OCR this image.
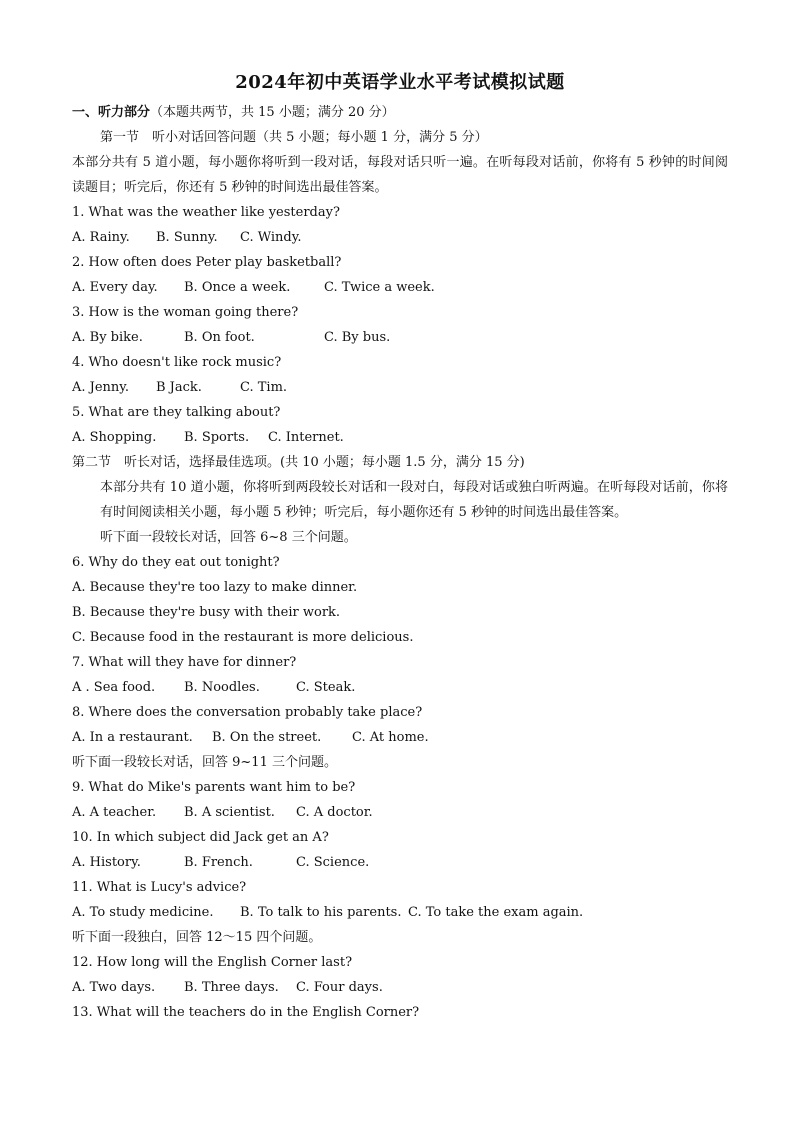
2024年初中英语学业水平考试模拟试题

一、听力部分（本题共两节，共 15 小题；满分 20 分）

第一节　听小对话回答问题（共 5 小题；每小题 1 分，满分 5 分）

本部分共有 5 道小题，每小题你将听到一段对话，每段对话只听一遍。在听每段对话前，你将有 5 秒钟的时间阅读题目；听完后，你还有 5 秒钟的时间选出最佳答案。

1. What was the weather like yesterday?

A. Rainy. B. Sunny. C. Windy.

2. How often does Peter play basketball?

A. Every day. B. Once a week.	C. Twice a week.

3. How is the woman going there?

A. By bike.	B. On foot.	C. By bus.

4. Who doesn't like rock music?

A. Jenny. B Jack.	C. Tim.

5. What are they talking about?

A. Shopping. B. Sports. C. Internet.

第二节　听长对话，选择最佳选项。(共 10 小题；每小题 1.5 分，满分 15 分)

本部分共有 10 道小题，你将听到两段较长对话和一段对白，每段对话或独白听两遍。在听每段对话前，你将有时间阅读相关小题，每小题 5 秒钟；听完后，每小题你还有 5 秒钟的时间选出最佳答案。

听下面一段较长对话，回答 6~8 三个问题。

6. Why do they eat out tonight?

A. Because they're too lazy to make dinner.

B. Because they're busy with their work.

C. Because food in the restaurant is more delicious.

7. What will they have for dinner?

A . Sea food. B. Noodles.	C. Steak.

8. Where does the conversation probably take place?

A. In a restaurant. B. On the street. C. At home.

听下面一段较长对话，回答 9~11 三个问题。

9. What do Mike's parents want him to be?

A. A teacher. B. A scientist. C. A doctor.

10. In which subject did Jack get an A?

A. History.	B. French.	C. Science.

11. What is Lucy's advice?

A. To study medicine. B. To talk to his parents. C. To take the exam again.

听下面一段独白，回答 12～15 四个问题。

12. How long will the English Corner last?

A. Two days. B. Three days. C. Four days.

13. What will the teachers do in the English Corner?
